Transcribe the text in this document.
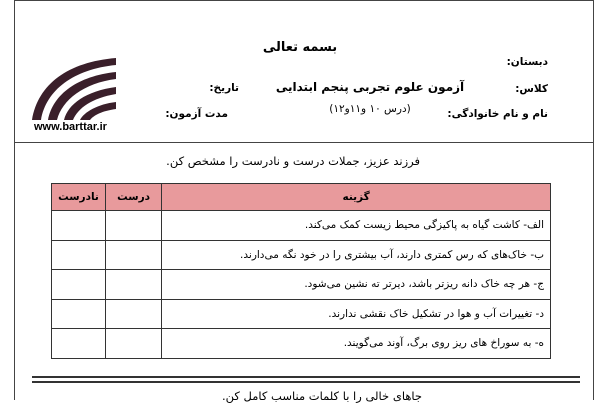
بسمه تعالی
دبستان:
کلاس:
نام و نام خانوادگی:
آزمون علوم تجربی پنجم ابتدایی
(درس ۱۰ و۱۱و۱۲)
تاریخ:
مدت آزمون:
www.barttar.ir
فرزند عزیز، جملات درست و نادرست را مشخص کن.
گزینه	درست	نادرست
الف- کاشت گیاه به پاکیزگی محیط زیست کمک می‌کند.		
ب- خاک‌های که رس کمتری دارند، آب بیشتری را در خود نگه می‌دارند.		
ج- هر چه خاک دانه ریزتر باشد، دیرتر ته نشین می‌شود.		
د- تغییرات آب و هوا در تشکیل خاک نقشی ندارند.		
ه- به سوراخ های ریز روی برگ، آوند می‌گویند.		
جاهای خالی را با کلمات مناسب کامل کن.
